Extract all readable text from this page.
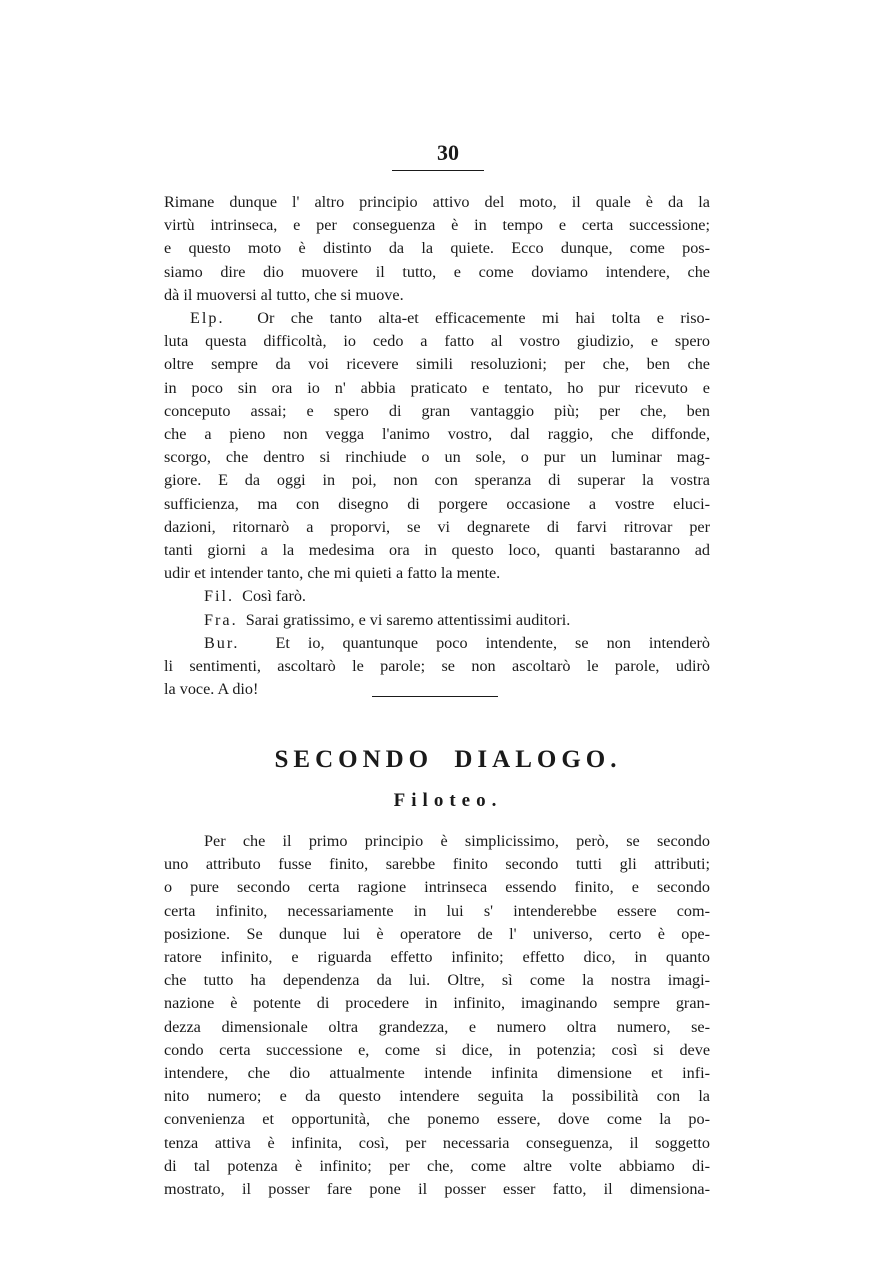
30
Rimane dunque l' altro principio attivo del moto, il quale è da la
virtù intrinseca, e per conseguenza è in tempo e certa successione;
e questo moto è distinto da la quiete. Ecco dunque, come pos-
siamo dire dio muovere il tutto, e come doviamo intendere, che
dà il muoversi al tutto, che si muove.
Elp. Or che tanto alta-et efficacemente mi hai tolta e riso-
luta questa difficoltà, io cedo a fatto al vostro giudizio, e spero
oltre sempre da voi ricevere simili resoluzioni; per che, ben che
in poco sin ora io n' abbia praticato e tentato, ho pur ricevuto e
conceputo assai; e spero di gran vantaggio più; per che, ben
che a pieno non vegga l'animo vostro, dal raggio, che diffonde,
scorgo, che dentro si rinchiude o un sole, o pur un luminar mag-
giore. E da oggi in poi, non con speranza di superar la vostra
sufficienza, ma con disegno di porgere occasione a vostre eluci-
dazioni, ritornarò a proporvi, se vi degnarete di farvi ritrovar per
tanti giorni a la medesima ora in questo loco, quanti bastaranno ad
udir et intender tanto, che mi quieti a fatto la mente.
Fil. Così farò.
Fra. Sarai gratissimo, e vi saremo attentissimi auditori.
Bur. Et io, quantunque poco intendente, se non intenderò
li sentimenti, ascoltarò le parole; se non ascoltarò le parole, udirò
la voce. A dio!
SECONDO DIALOGO.
Filoteo.
Per che il primo principio è simplicissimo, però, se secondo
uno attributo fusse finito, sarebbe finito secondo tutti gli attributi;
o pure secondo certa ragione intrinseca essendo finito, e secondo
certa infinito, necessariamente in lui s' intenderebbe essere com-
posizione. Se dunque lui è operatore de l' universo, certo è ope-
ratore infinito, e riguarda effetto infinito; effetto dico, in quanto
che tutto ha dependenza da lui. Oltre, sì come la nostra imagi-
nazione è potente di procedere in infinito, imaginando sempre gran-
dezza dimensionale oltra grandezza, e numero oltra numero, se-
condo certa successione e, come si dice, in potenzia; così si deve
intendere, che dio attualmente intende infinita dimensione et infi-
nito numero; e da questo intendere seguita la possibilità con la
convenienza et opportunità, che ponemo essere, dove come la po-
tenza attiva è infinita, così, per necessaria conseguenza, il soggetto
di tal potenza è infinito; per che, come altre volte abbiamo di-
mostrato, il posser fare pone il posser esser fatto, il dimensiona-
